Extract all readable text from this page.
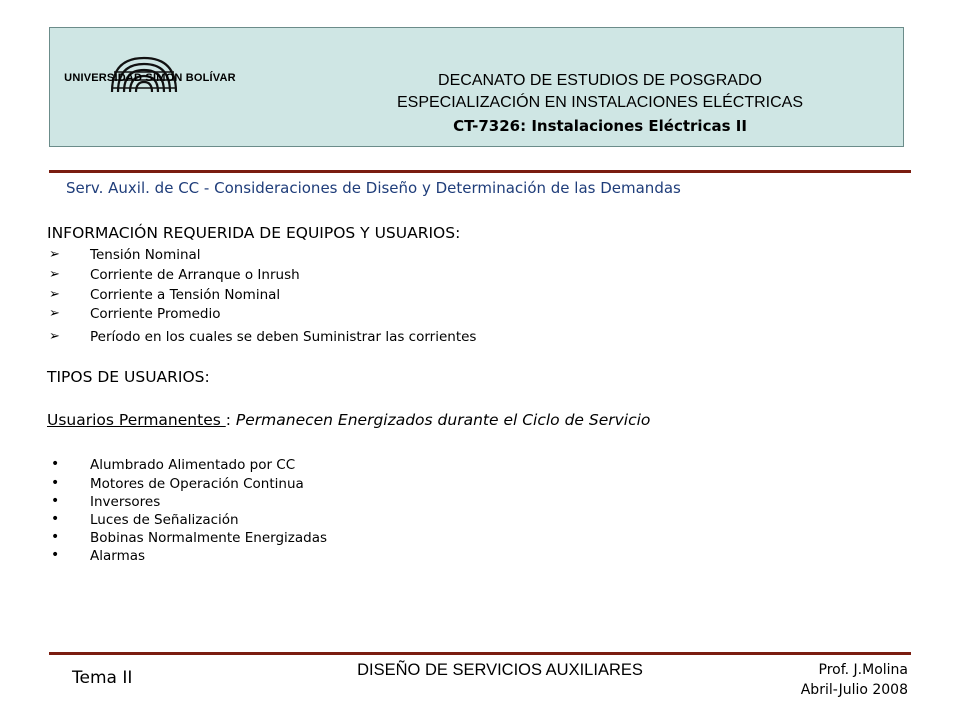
UNIVERSIDAD SIMÓN BOLÍVAR	DECANATO DE ESTUDIOS DE POSGRADO
ESPECIALIZACIÓN EN INSTALACIONES ELÉCTRICAS
CT-7326: Instalaciones Eléctricas II
Serv. Auxil. de CC - Consideraciones de Diseño y Determinación de las Demandas
INFORMACIÓN REQUERIDA DE EQUIPOS Y USUARIOS:
➢ Tensión Nominal
➢ Corriente de Arranque o Inrush
➢ Corriente a Tensión Nominal
➢ Corriente Promedio
➢ Período en los cuales se deben Suministrar las corrientes
TIPOS DE USUARIOS:
Usuarios Permanentes : Permanecen Energizados durante el Ciclo de Servicio
• Alumbrado Alimentado por CC
• Motores de Operación Continua
• Inversores
• Luces de Señalización
• Bobinas Normalmente Energizadas
• Alarmas
Tema II	DISEÑO DE SERVICIOS AUXILIARES	Prof. J.Molina
Abril-Julio 2008
